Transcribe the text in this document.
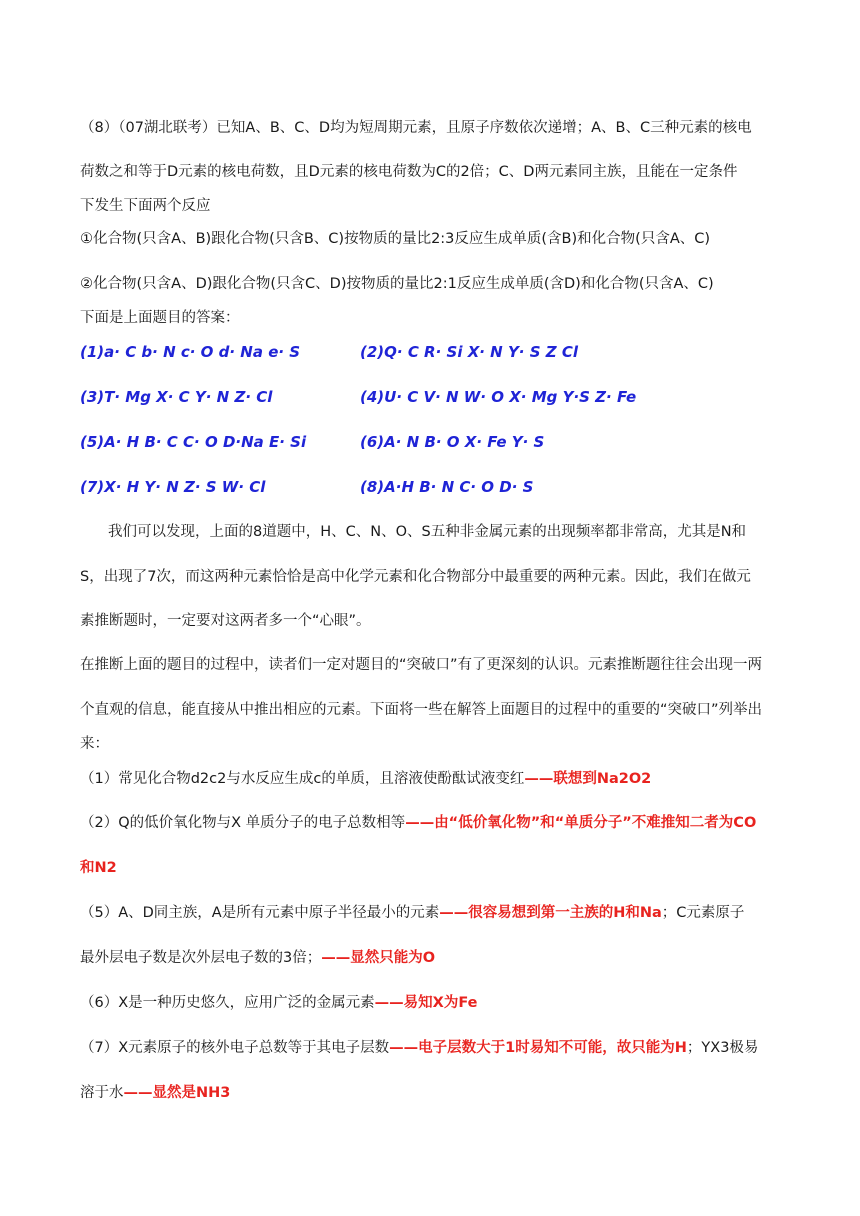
（8）（07湖北联考）已知A、B、C、D均为短周期元素，且原子序数依次递增；A、B、C三种元素的核电
荷数之和等于D元素的核电荷数，且D元素的核电荷数为C的2倍；C、D两元素同主族，且能在一定条件
下发生下面两个反应
①化合物(只含A、B)跟化合物(只含B、C)按物质的量比2:3反应生成单质(含B)和化合物(只含A、C)
②化合物(只含A、D)跟化合物(只含C、D)按物质的量比2:1反应生成单质(含D)和化合物(只含A、C)
下面是上面题目的答案：
(1)a· C b· N c· O d· Na e· S	(2)Q· C R· Si X· N Y· S Z Cl
(3)T· Mg X· C Y· N Z· Cl	(4)U· C V· N W· O X· Mg Y·S Z· Fe
(5)A· H B· C C· O D·Na E· Si	(6)A· N B· O X· Fe Y· S
(7)X· H Y· N Z· S W· Cl	(8)A·H B· N C· O D· S
我们可以发现，上面的8道题中，H、C、N、O、S五种非金属元素的出现频率都非常高，尤其是N和
S，出现了7次，而这两种元素恰恰是高中化学元素和化合物部分中最重要的两种元素。因此，我们在做元
素推断题时，一定要对这两者多一个“心眼”。
在推断上面的题目的过程中，读者们一定对题目的“突破口”有了更深刻的认识。元素推断题往往会出现一两
个直观的信息，能直接从中推出相应的元素。下面将一些在解答上面题目的过程中的重要的“突破口”列举出
来：
（1）常见化合物d2c2与水反应生成c的单质，且溶液使酚酞试液变红——联想到Na2O2
（2）Q的低价氧化物与X 单质分子的电子总数相等——由“低价氧化物”和“单质分子”不难推知二者为CO
和N2
（5）A、D同主族，A是所有元素中原子半径最小的元素——很容易想到第一主族的H和Na；C元素原子
最外层电子数是次外层电子数的3倍；——显然只能为O
（6）X是一种历史悠久，应用广泛的金属元素——易知X为Fe
（7）X元素原子的核外电子总数等于其电子层数——电子层数大于1时易知不可能，故只能为H；YX3极易
溶于水——显然是NH3
